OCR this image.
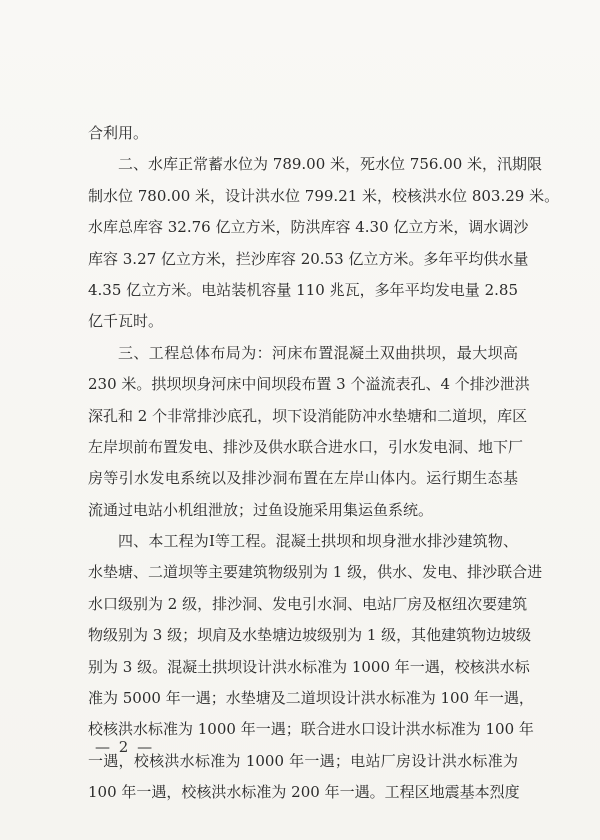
合利用。
二、水库正常蓄水位为 789.00 米，死水位 756.00 米，汛期限
制水位 780.00 米，设计洪水位 799.21 米，校核洪水位 803.29 米。
水库总库容 32.76 亿立方米，防洪库容 4.30 亿立方米，调水调沙
库容 3.27 亿立方米，拦沙库容 20.53 亿立方米。多年平均供水量
4.35 亿立方米。电站装机容量 110 兆瓦，多年平均发电量 2.85
亿千瓦时。
三、工程总体布局为：河床布置混凝土双曲拱坝，最大坝高
230 米。拱坝坝身河床中间坝段布置 3 个溢流表孔、4 个排沙泄洪
深孔和 2 个非常排沙底孔，坝下设消能防冲水垫塘和二道坝，库区
左岸坝前布置发电、排沙及供水联合进水口，引水发电洞、地下厂
房等引水发电系统以及排沙洞布置在左岸山体内。运行期生态基
流通过电站小机组泄放；过鱼设施采用集运鱼系统。
四、本工程为Ⅰ等工程。混凝土拱坝和坝身泄水排沙建筑物、
水垫塘、二道坝等主要建筑物级别为 1 级，供水、发电、排沙联合进
水口级别为 2 级，排沙洞、发电引水洞、电站厂房及枢纽次要建筑
物级别为 3 级；坝肩及水垫塘边坡级别为 1 级，其他建筑物边坡级
别为 3 级。混凝土拱坝设计洪水标准为 1000 年一遇，校核洪水标
准为 5000 年一遇；水垫塘及二道坝设计洪水标准为 100 年一遇，
校核洪水标准为 1000 年一遇；联合进水口设计洪水标准为 100 年
一遇，校核洪水标准为 1000 年一遇；电站厂房设计洪水标准为
100 年一遇，校核洪水标准为 200 年一遇。工程区地震基本烈度
— 2 —
